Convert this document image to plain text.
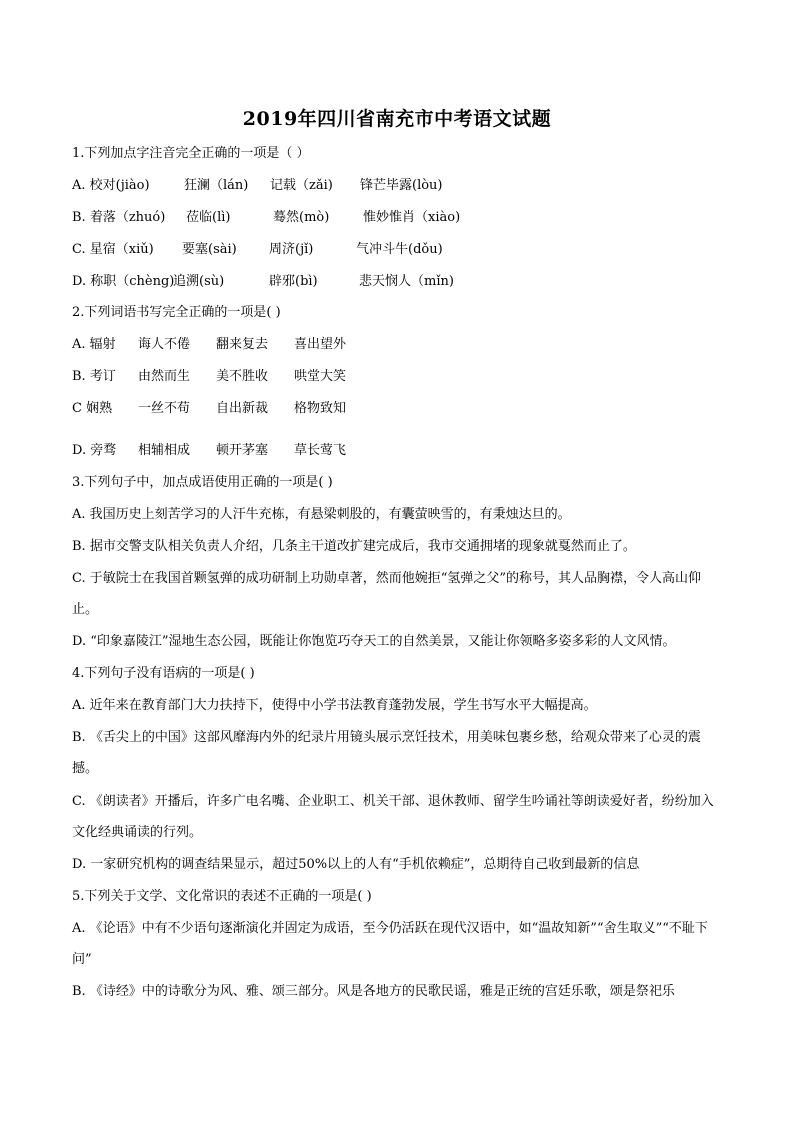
2019年四川省南充市中考语文试题
1.下列加点字注音完全正确的一项是（ ）
A. 校对(jiào)	狂澜（lán) 记载（zǎi) 锋芒毕露(lòu)
B. 着落（zhuó) 莅临(lì)	蓦然(mò)	惟妙惟肖（xiào)
C. 星宿（xiǔ) 要塞(sài) 周济(jǐ)	气冲斗牛(dǒu)
D. 称职（chèng)追溯(sù)	辟邪(bì)	悲天悯人（mǐn)
2.下列词语书写完全正确的一项是( )
A. 辐射 诲人不倦 翻来复去 喜出望外
B. 考订 由然而生 美不胜收 哄堂大笑
C 娴熟 一丝不苟 自出新裁 格物致知
D. 旁骛 相辅相成 顿开茅塞 草长莺飞
3.下列句子中，加点成语使用正确的一项是( )
A. 我国历史上刻苦学习的人汗牛充栋，有悬梁刺股的，有囊萤映雪的，有秉烛达旦的。
B. 据市交警支队相关负责人介绍，几条主干道改扩建完成后，我市交通拥堵的现象就戛然而止了。
C. 于敏院士在我国首颗氢弹的成功研制上功勋卓著，然而他婉拒“氢弹之父”的称号，其人品胸襟，令人高山仰止。
D. “印象嘉陵江”湿地生态公园，既能让你饱览巧夺天工的自然美景，又能让你领略多姿多彩的人文风情。
4.下列句子没有语病的一项是( )
A. 近年来在教育部门大力扶持下，使得中小学书法教育蓬勃发展，学生书写水平大幅提高。
B. 《舌尖上的中国》这部风靡海内外的纪录片用镜头展示烹饪技术，用美味包裹乡愁，给观众带来了心灵的震撼。
C. 《朗读者》开播后，许多广电名嘴、企业职工、机关干部、退休教师、留学生吟诵社等朗读爱好者，纷纷加入文化经典诵读的行列。
D. 一家研究机构的调查结果显示，超过50%以上的人有“手机依赖症”，总期待自己收到最新的信息
5.下列关于文学、文化常识的表述不正确的一项是( )
A. 《论语》中有不少语句逐渐演化并固定为成语，至今仍活跃在现代汉语中，如“温故知新”“舍生取义”“不耻下问”
B. 《诗经》中的诗歌分为风、雅、颂三部分。风是各地方的民歌民谣，雅是正统的宫廷乐歌，颂是祭祀乐
